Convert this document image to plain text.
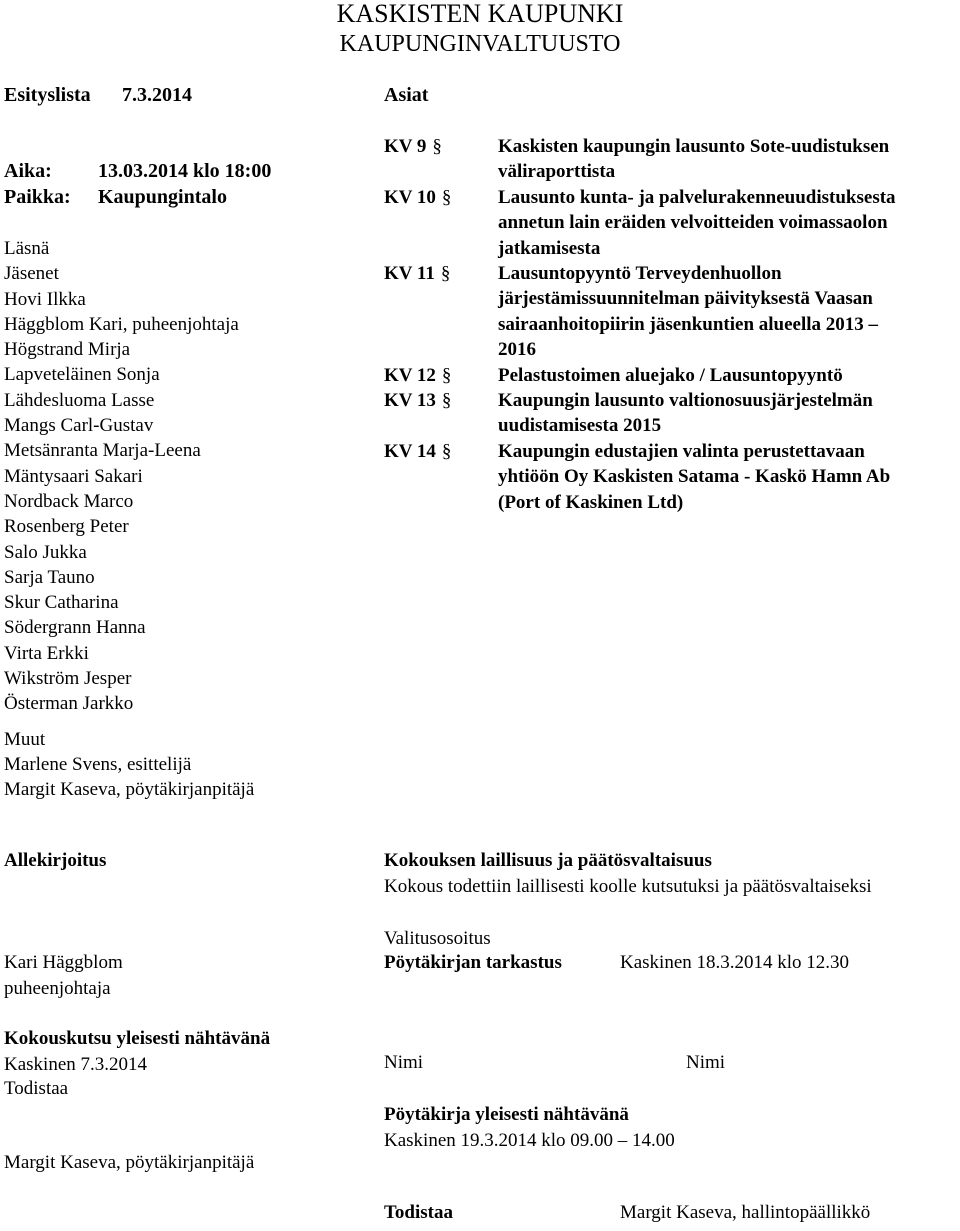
KASKISTEN KAUPUNKI
KAUPUNGINVALTUUSTO
Esityslista 7.3.2014	Asiat
Aika: 13.03.2014 klo 18:00
Paikka: Kaupungintalo
Läsnä
Jäsenet
Hovi Ilkka
Häggblom Kari, puheenjohtaja
Högstrand Mirja
Lapveteläinen Sonja
Lähdesluoma Lasse
Mangs Carl-Gustav
Metsänranta Marja-Leena
Mäntysaari Sakari
Nordback Marco
Rosenberg Peter
Salo Jukka
Sarja Tauno
Skur Catharina
Södergrann Hanna
Virta Erkki
Wikström Jesper
Österman Jarkko
Muut
Marlene Svens, esittelijä
Margit Kaseva, pöytäkirjanpitäjä
KV 9 §	Kaskisten kaupungin lausunto Sote-uudistuksen
väliraporttista
KV 10 §	Lausunto kunta- ja palvelurakenneuudistuksesta
annetun lain eräiden velvoitteiden voimassaolon
jatkamisesta
KV 11 §	Lausuntopyyntö Terveydenhuollon
järjestämissuunnitelman päivityksestä Vaasan
sairaanhoitopiirin jäsenkuntien alueella 2013 –
2016
KV 12 §	Pelastustoimen aluejako / Lausuntopyyntö
KV 13 §	Kaupungin lausunto valtionosuusjärjestelmän
uudistamisesta 2015
KV 14 §	Kaupungin edustajien valinta perustettavaan
yhtiöön Oy Kaskisten Satama - Kaskö Hamn Ab
(Port of Kaskinen Ltd)
Allekirjoitus
Kari Häggblom
puheenjohtaja
Kokouskutsu yleisesti nähtävänä
Kaskinen 7.3.2014
Todistaa
Margit Kaseva, pöytäkirjanpitäjä
Kokouksen laillisuus ja päätösvaltaisuus
Kokous todettiin laillisesti koolle kutsutuksi ja päätösvaltaiseksi
Valitusosoitus
Pöytäkirjan tarkastus	Kaskinen 18.3.2014 klo 12.30
Nimi	Nimi
Pöytäkirja yleisesti nähtävänä
Kaskinen 19.3.2014 klo 09.00 – 14.00
Todistaa	Margit Kaseva, hallintopäällikkö
